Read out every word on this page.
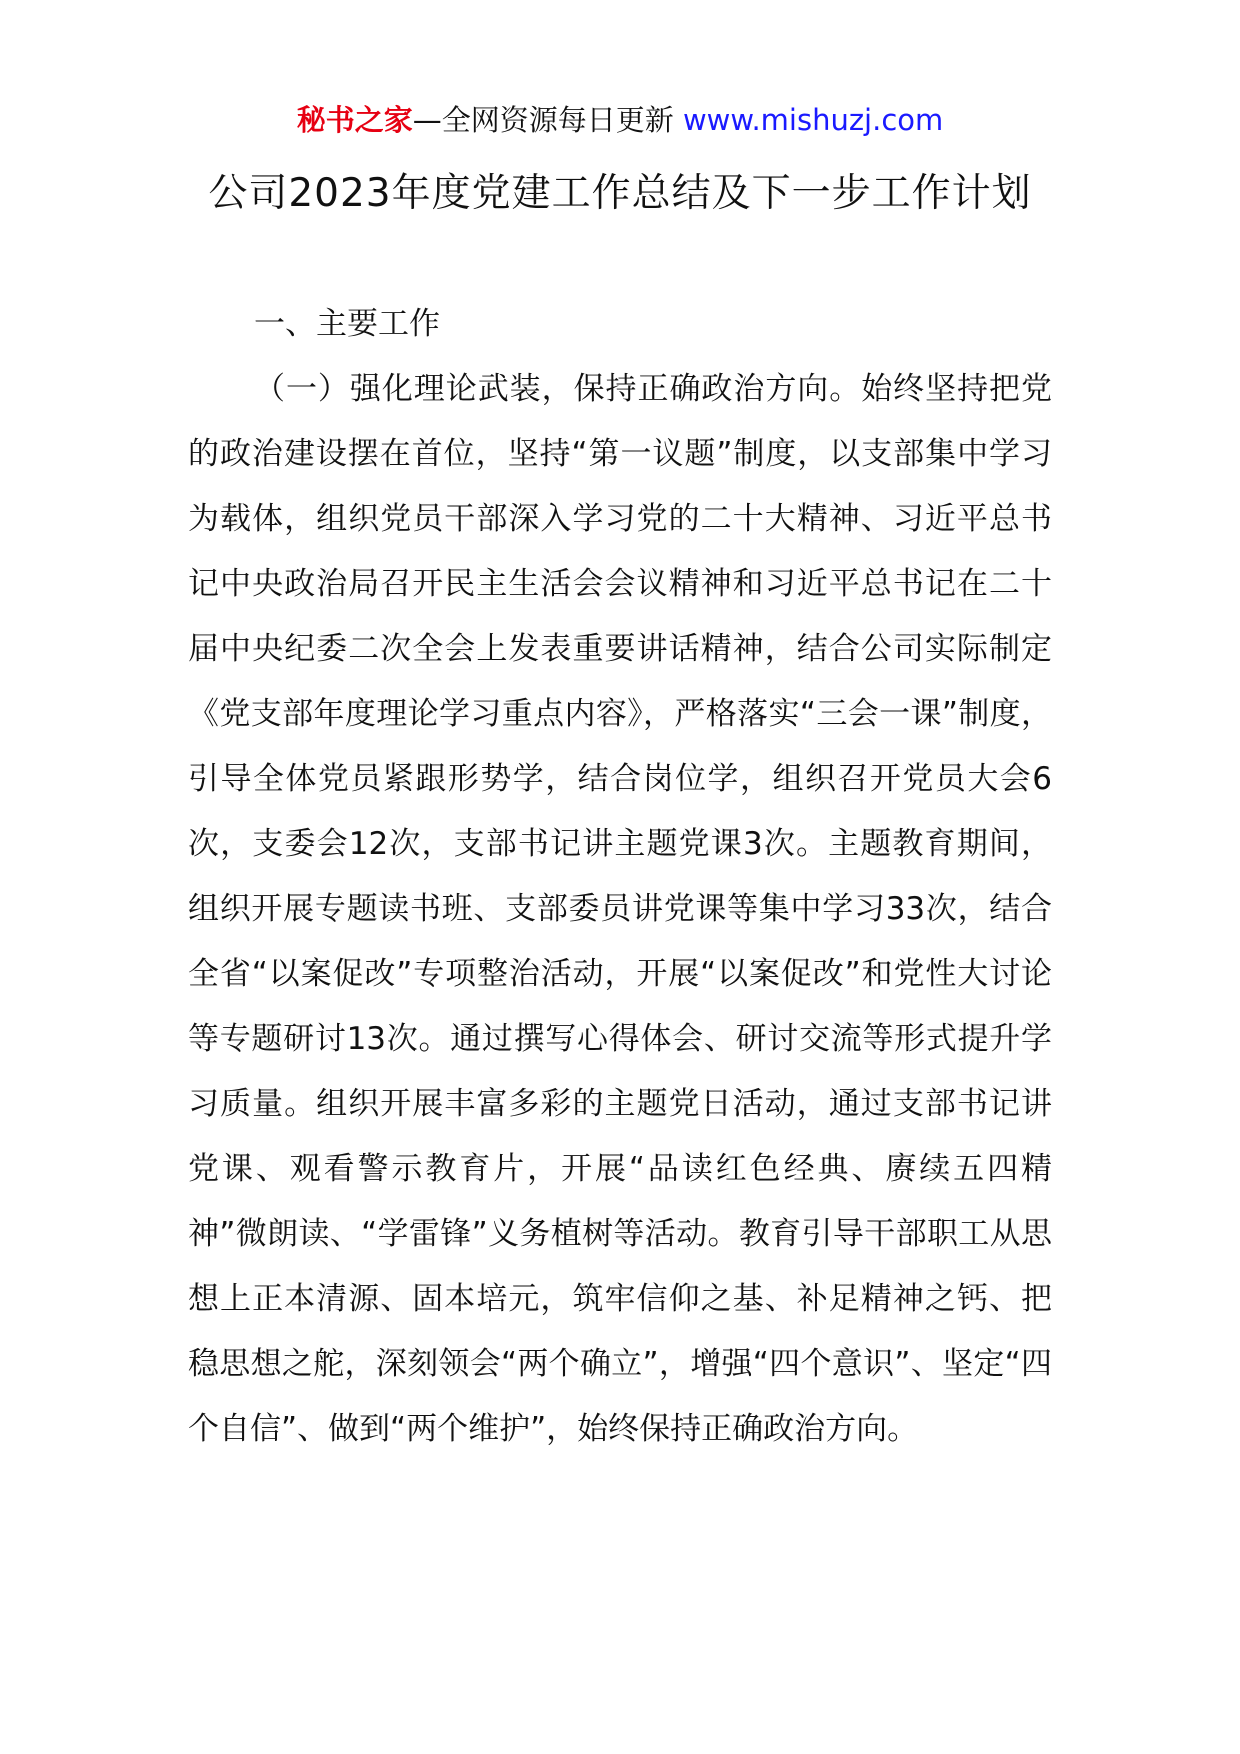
秘书之家—全网资源每日更新 www.mishuzj.com
公司2023年度党建工作总结及下一步工作计划

一、主要工作

（一）强化理论武装，保持正确政治方向。始终坚持把党的政治建设摆在首位，坚持“第一议题”制度，以支部集中学习为载体，组织党员干部深入学习党的二十大精神、习近平总书记中央政治局召开民主生活会会议精神和习近平总书记在二十届中央纪委二次全会上发表重要讲话精神，结合公司实际制定《党支部年度理论学习重点内容》，严格落实“三会一课”制度，引导全体党员紧跟形势学，结合岗位学，组织召开党员大会6次，支委会12次，支部书记讲主题党课3次。主题教育期间，组织开展专题读书班、支部委员讲党课等集中学习33次，结合全省“以案促改”专项整治活动，开展“以案促改”和党性大讨论等专题研讨13次。通过撰写心得体会、研讨交流等形式提升学习质量。组织开展丰富多彩的主题党日活动，通过支部书记讲党课、观看警示教育片，开展“品读红色经典、赓续五四精神”微朗读、“学雷锋”义务植树等活动。教育引导干部职工从思想上正本清源、固本培元，筑牢信仰之基、补足精神之钙、把稳思想之舵，深刻领会“两个确立”，增强“四个意识”、坚定“四个自信”、做到“两个维护”，始终保持正确政治方向。
